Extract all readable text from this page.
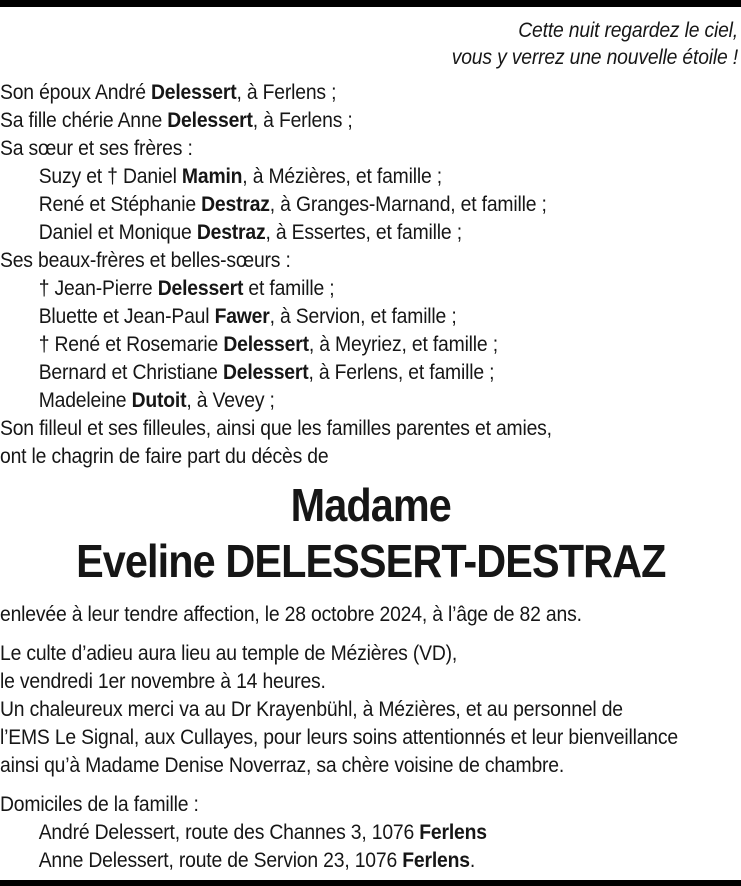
Cette nuit regardez le ciel,
vous y verrez une nouvelle étoile !
Son époux André Delessert, à Ferlens ;
Sa fille chérie Anne Delessert, à Ferlens ;
Sa sœur et ses frères :
Suzy et † Daniel Mamin, à Mézières, et famille ;
René et Stéphanie Destraz, à Granges-Marnand, et famille ;
Daniel et Monique Destraz, à Essertes, et famille ;
Ses beaux-frères et belles-sœurs :
† Jean-Pierre Delessert et famille ;
Bluette et Jean-Paul Fawer, à Servion, et famille ;
† René et Rosemarie Delessert, à Meyriez, et famille ;
Bernard et Christiane Delessert, à Ferlens, et famille ;
Madeleine Dutoit, à Vevey ;
Son filleul et ses filleules, ainsi que les familles parentes et amies,
ont le chagrin de faire part du décès de
Madame
Eveline DELESSERT-DESTRAZ
enlevée à leur tendre affection, le 28 octobre 2024, à l’âge de 82 ans.
Le culte d’adieu aura lieu au temple de Mézières (VD),
le vendredi 1er novembre à 14 heures.
Un chaleureux merci va au Dr Krayenbühl, à Mézières, et au personnel de
l’EMS Le Signal, aux Cullayes, pour leurs soins attentionnés et leur bienveillance
ainsi qu’à Madame Denise Noverraz, sa chère voisine de chambre.
Domiciles de la famille :
André Delessert, route des Channes 3, 1076 Ferlens
Anne Delessert, route de Servion 23, 1076 Ferlens.
